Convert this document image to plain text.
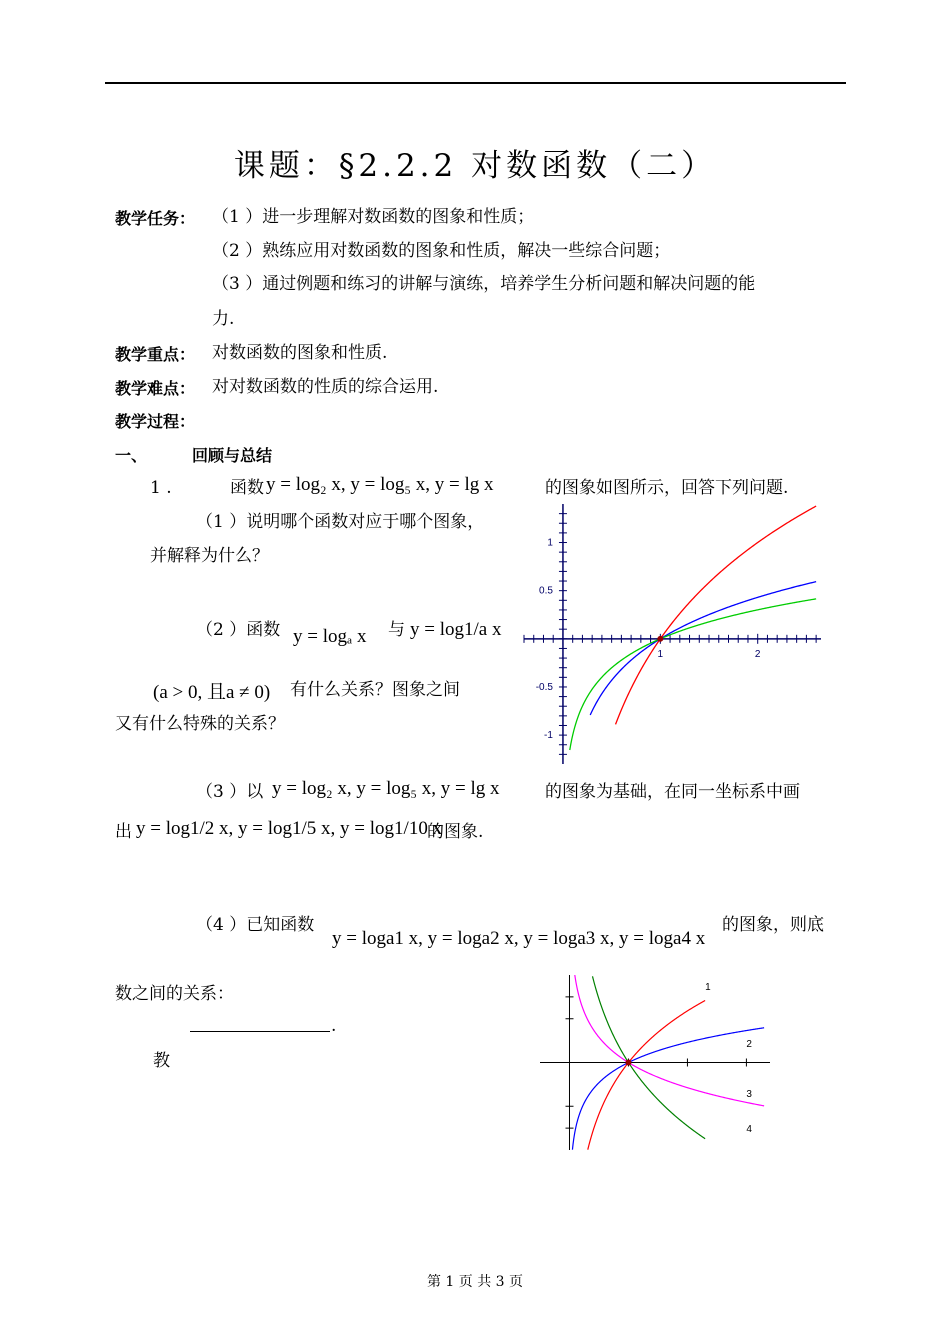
课题：§2.2.2 对数函数（二）
教学任务： （1 ）进一步理解对数函数的图象和性质；
（2 ）熟练应用对数函数的图象和性质，解决一些综合问题；
（3 ）通过例题和练习的讲解与演练，培养学生分析问题和解决问题的能
力.
教学重点： 对数函数的图象和性质.
教学难点： 对对数函数的性质的综合运用.
教学过程：
一、	回顾与总结
1 .	函数 y = log₂ x, y = log₅ x, y = lg x	的图象如图所示，回答下列问题.
（1 ）说明哪个函数对应于哪个图象，
并解释为什么？
（2 ）函数 y = logₐ x 与 y = log1/a x
(a > 0, 且a ≠ 0) 有什么关系？图象之间
又有什么特殊的关系？
1
0.5
-0.5
-1
1	2
（3 ）以 y = log₂ x, y = log₅ x, y = lg x	的图象为基础，在同一坐标系中画
出 y = log1/2 x, y = log1/5 x, y = log1/10 x
的图象.
（4 ）已知函数
y = loga1 x, y = loga2 x, y = loga3 x, y = loga4 x
的图象，则底
数之间的关系：
.
教
1
2
3
4
第 1 页 共 3 页
